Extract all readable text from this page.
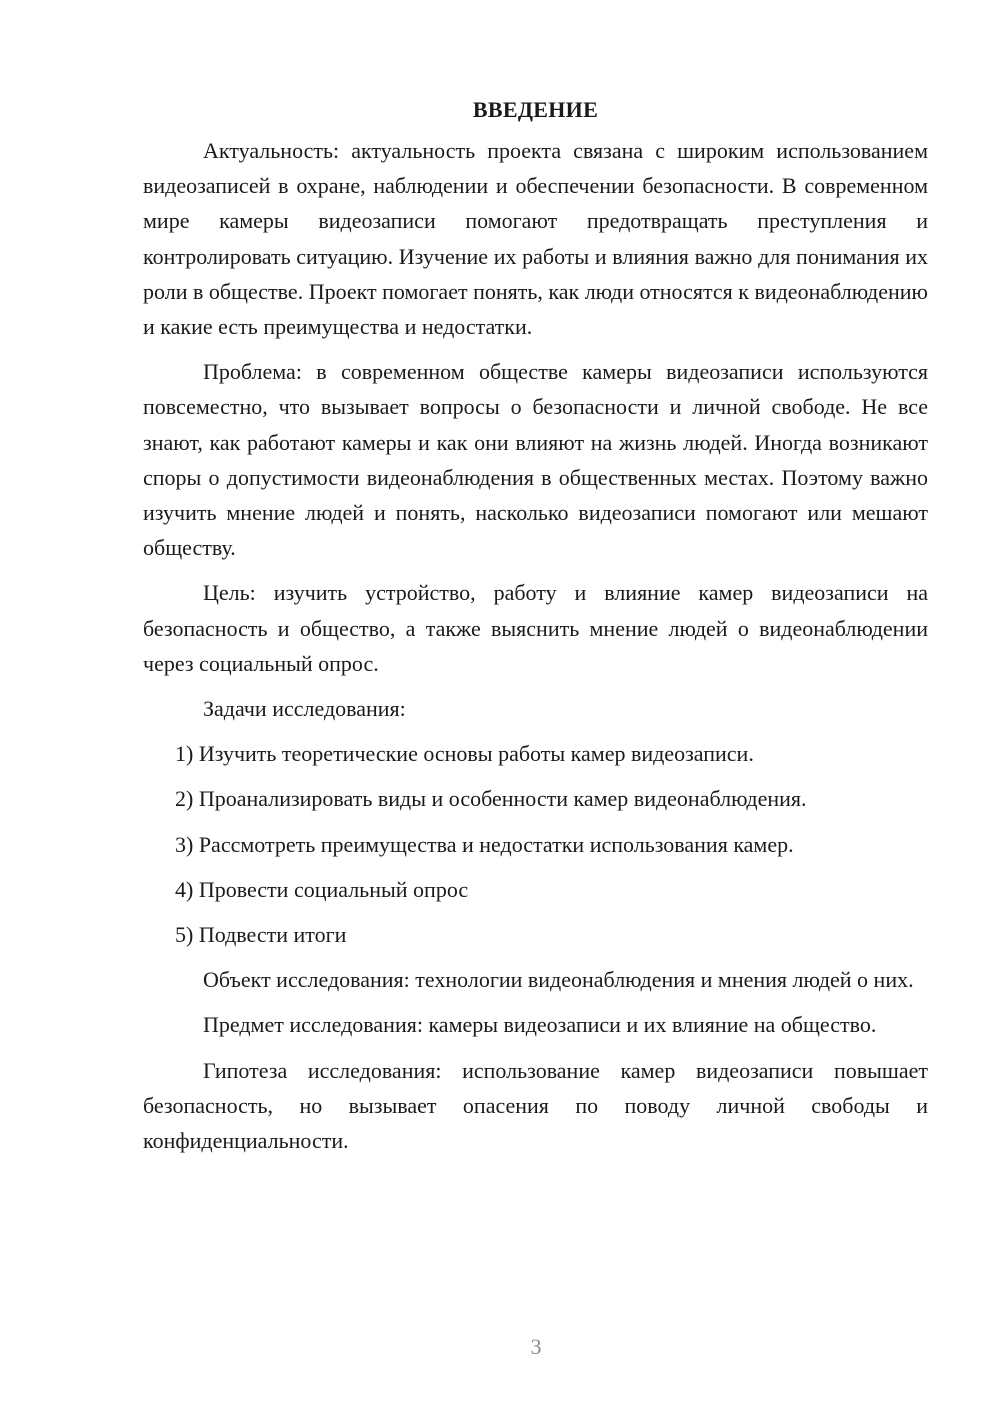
ВВЕДЕНИЕ

Актуальность: актуальность проекта связана с широким использованием видеозаписей в охране, наблюдении и обеспечении безопасности. В современном мире камеры видеозаписи помогают предотвращать преступления и контролировать ситуацию. Изучение их работы и влияния важно для понимания их роли в обществе. Проект помогает понять, как люди относятся к видеонаблюдению и какие есть преимущества и недостатки.

Проблема: в современном обществе камеры видеозаписи используются повсеместно, что вызывает вопросы о безопасности и личной свободе. Не все знают, как работают камеры и как они влияют на жизнь людей. Иногда возникают споры о допустимости видеонаблюдения в общественных местах. Поэтому важно изучить мнение людей и понять, насколько видеозаписи помогают или мешают обществу.

Цель: изучить устройство, работу и влияние камер видеозаписи на безопасность и общество, а также выяснить мнение людей о видеонаблюдении через социальный опрос.

Задачи исследования:

1) Изучить теоретические основы работы камер видеозаписи.
2) Проанализировать виды и особенности камер видеонаблюдения.
3) Рассмотреть преимущества и недостатки использования камер.
4) Провести социальный опрос
5) Подвести итоги

Объект исследования: технологии видеонаблюдения и мнения людей о них.

Предмет исследования: камеры видеозаписи и их влияние на общество.

Гипотеза исследования: использование камер видеозаписи повышает безопасность, но вызывает опасения по поводу личной свободы и конфиденциальности.

3
